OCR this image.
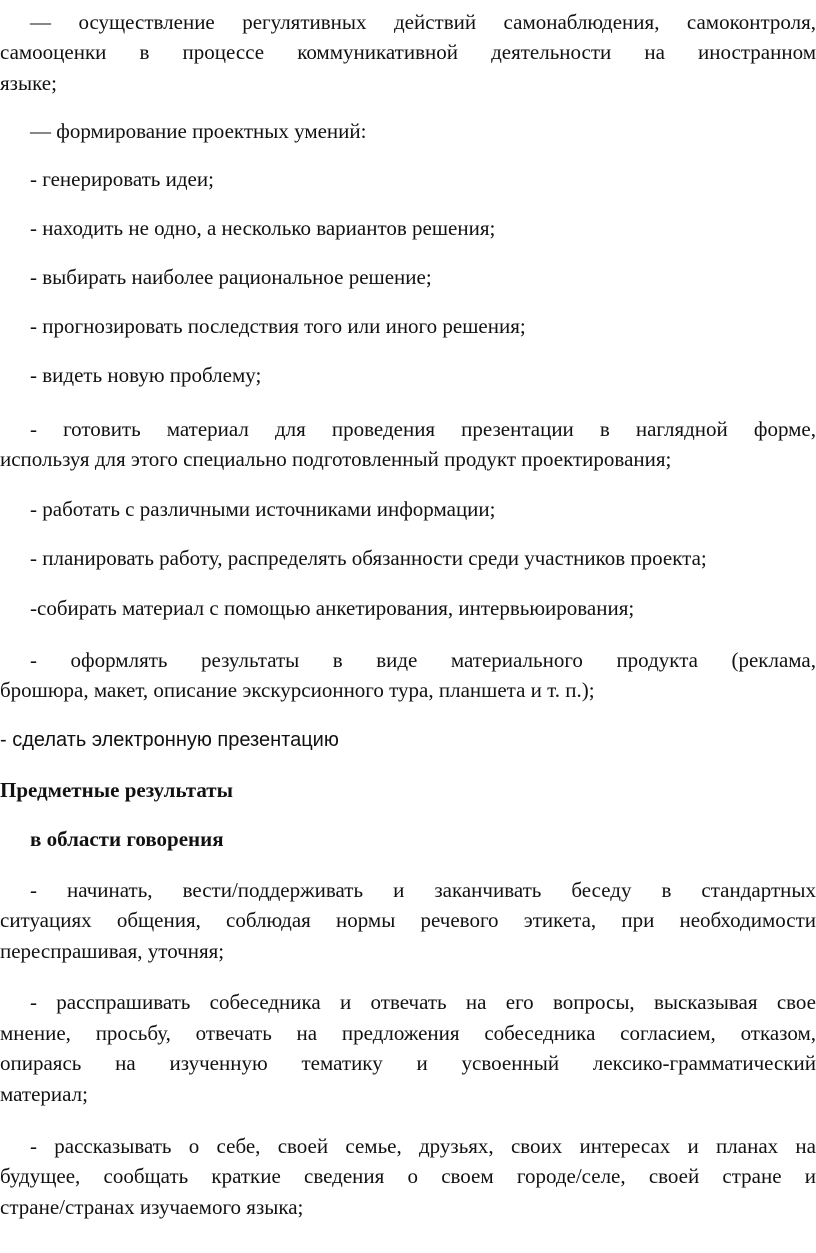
— осуществление регулятивных действий самонаблюдения, самоконтроля,
самооценки в процессе коммуникативной деятельности на иностранном
языке;
— формирование проектных умений:
- генерировать идеи;
- находить не одно, а несколько вариантов решения;
- выбирать наиболее рациональное решение;
- прогнозировать последствия того или иного решения;
- видеть новую проблему;
- готовить материал для проведения презентации в наглядной форме,
используя для этого специально подготовленный продукт проектирования;
- работать с различными источниками информации;
- планировать работу, распределять обязанности среди участников проекта;
-собирать материал с помощью анкетирования, интервьюирования;
- оформлять результаты в виде материального продукта (реклама,
брошюра, макет, описание экскурсионного тура, планшета и т. п.);
- сделать электронную презентацию
Предметные результаты
в области говорения
- начинать, вести/поддерживать и заканчивать беседу в стандартных
ситуациях общения, соблюдая нормы речевого этикета, при необходимости
переспрашивая, уточняя;
- расспрашивать собеседника и отвечать на его вопросы, высказывая свое
мнение, просьбу, отвечать на предложения собеседника согласием, отказом,
опираясь на изученную тематику и усвоенный лексико-грамматический
материал;
- рассказывать о себе, своей семье, друзьях, своих интересах и планах на
будущее, сообщать краткие сведения о своем городе/селе, своей стране и
стране/странах изучаемого языка;
